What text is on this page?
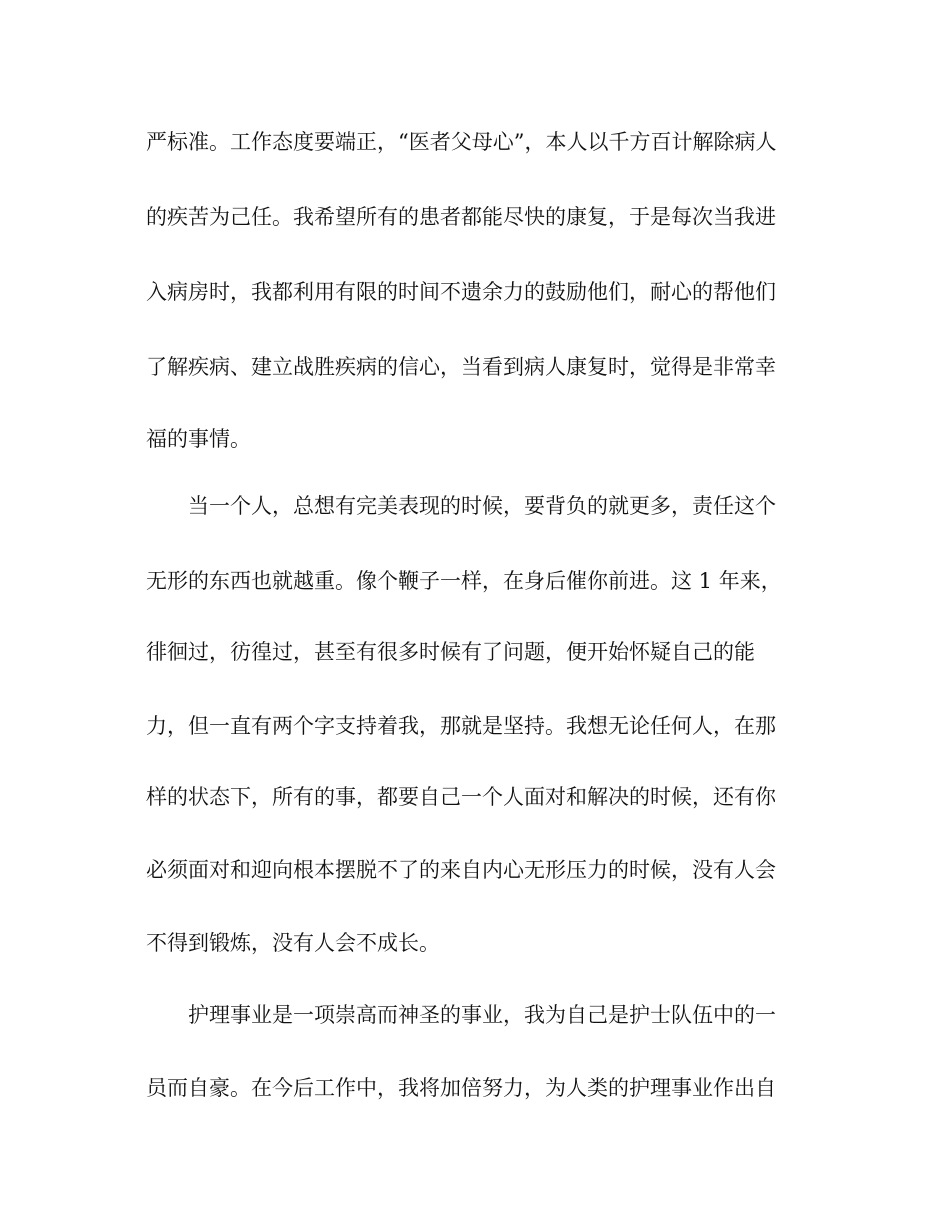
严标准。工作态度要端正，“医者父母心”，本人以千方百计解除病人
的疾苦为己任。我希望所有的患者都能尽快的康复，于是每次当我进
入病房时，我都利用有限的时间不遗余力的鼓励他们，耐心的帮他们
了解疾病、建立战胜疾病的信心，当看到病人康复时，觉得是非常幸
福的事情。
当一个人，总想有完美表现的时候，要背负的就更多，责任这个
无形的东西也就越重。像个鞭子一样，在身后催你前进。这 1 年来，
徘徊过，彷徨过，甚至有很多时候有了问题，便开始怀疑自己的能
力，但一直有两个字支持着我，那就是坚持。我想无论任何人，在那
样的状态下，所有的事，都要自己一个人面对和解决的时候，还有你
必须面对和迎向根本摆脱不了的来自内心无形压力的时候，没有人会
不得到锻炼，没有人会不成长。
护理事业是一项崇高而神圣的事业，我为自己是护士队伍中的一
员而自豪。在今后工作中，我将加倍努力，为人类的护理事业作出自
